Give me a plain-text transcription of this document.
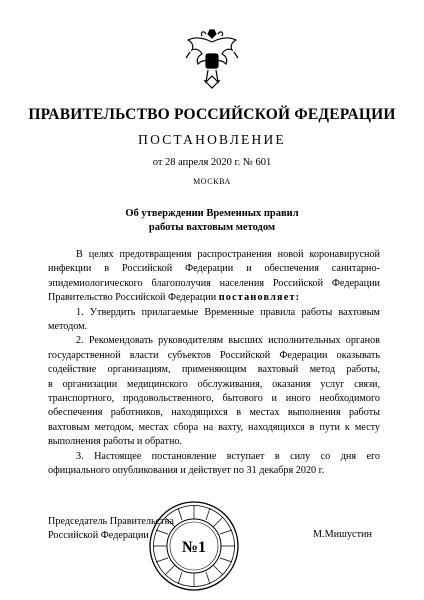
ПРАВИТЕЛЬСТВО РОССИЙСКОЙ ФЕДЕРАЦИИ
ПОСТАНОВЛЕНИЕ
от 28 апреля 2020 г. № 601
МОСКВА
Об утверждении Временных правил
работы вахтовым методом
В целях предотвращения распространения новой коронавирусной
инфекции в Российской Федерации и обеспечения санитарно-
эпидемиологического благополучия населения Российской Федерации
Правительство Российской Федерации постановляет:
1. Утвердить прилагаемые Временные правила работы вахтовым
методом.
2. Рекомендовать руководителям высших исполнительных органов
государственной власти субъектов Российской Федерации оказывать
содействие организациям, применяющим вахтовый метод работы,
в организации медицинского обслуживания, оказания услуг связи,
транспортного, продовольственного, бытового и иного необходимого
обеспечения работников, находящихся в местах выполнения работы
вахтовым методом, местах сбора на вахту, находящихся в пути к месту
выполнения работы и обратно.
3. Настоящее постановление вступает в силу со дня его
официального опубликования и действует по 31 декабря 2020 г.
Председатель Правительства
Российской Федерации	М.Мишустин
№1
